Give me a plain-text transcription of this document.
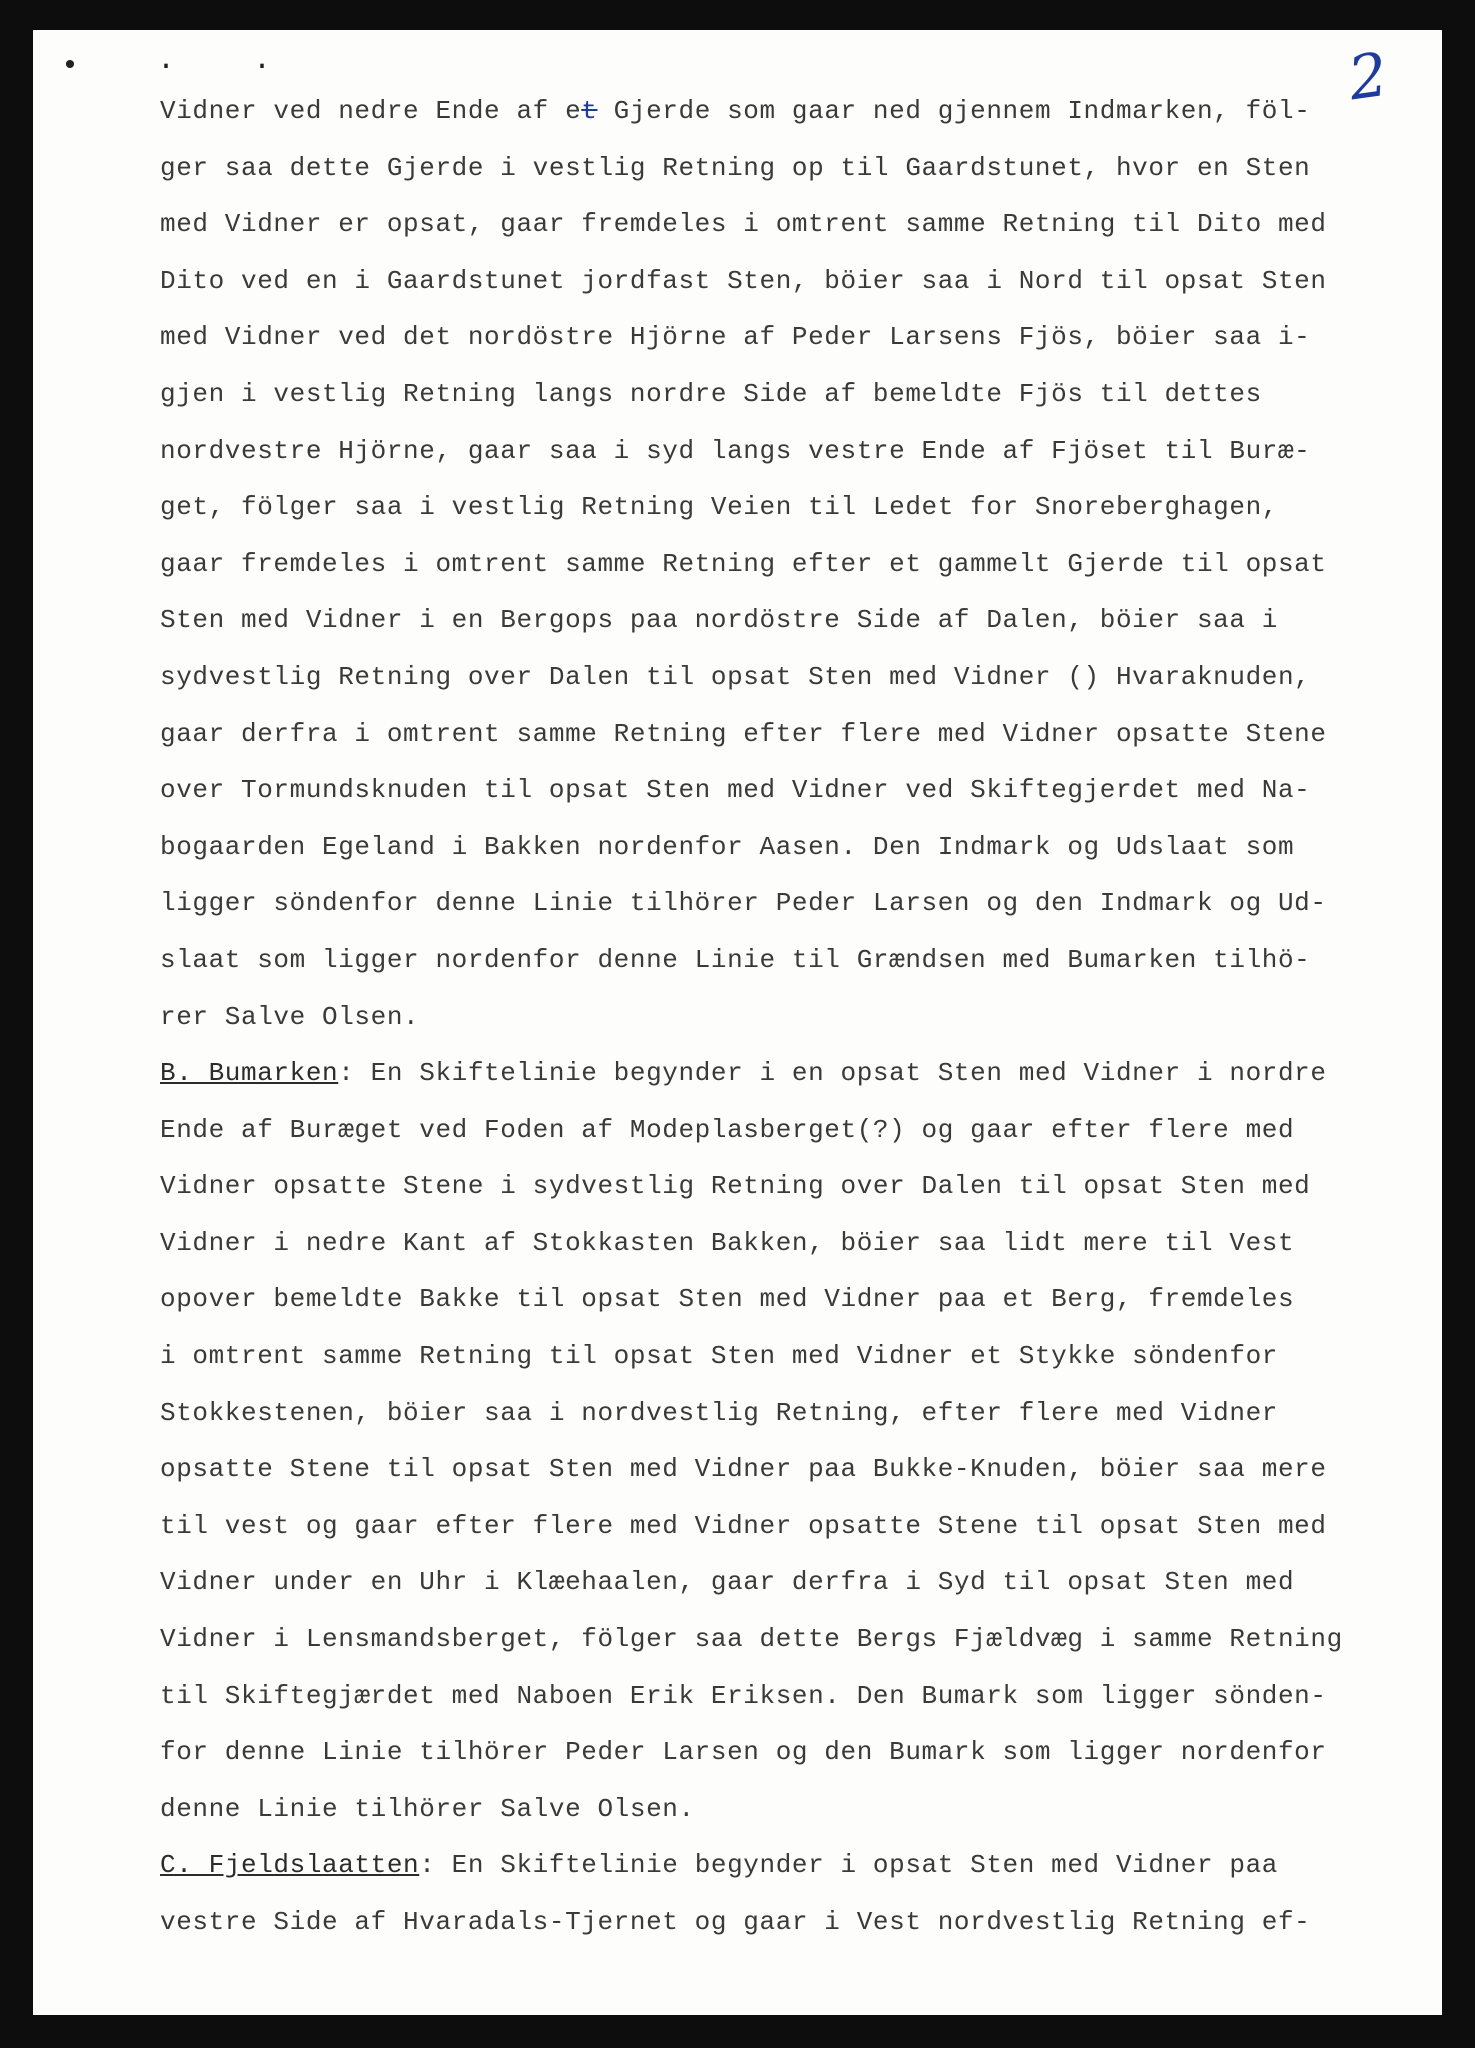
• · ·	2
Vidner ved nedre Ende af et Gjerde som gaar ned gjennem Indmarken, föl-
ger saa dette Gjerde i vestlig Retning op til Gaardstunet, hvor en Sten
med Vidner er opsat, gaar fremdeles i omtrent samme Retning til Dito med
Dito ved en i Gaardstunet jordfast Sten, böier saa i Nord til opsat Sten
med Vidner ved det nordöstre Hjörne af Peder Larsens Fjös, böier saa i-
gjen i vestlig Retning langs nordre Side af bemeldte Fjös til dettes
nordvestre Hjörne, gaar saa i syd langs vestre Ende af Fjöset til Buræ-
get, fölger saa i vestlig Retning Veien til Ledet for Snoreberghagen,
gaar fremdeles i omtrent samme Retning efter et gammelt Gjerde til opsat
Sten med Vidner i en Bergops paa nordöstre Side af Dalen, böier saa i
sydvestlig Retning over Dalen til opsat Sten med Vidner () Hvaraknuden,
gaar derfra i omtrent samme Retning efter flere med Vidner opsatte Stene
over Tormundsknuden til opsat Sten med Vidner ved Skiftegjerdet med Na-
bogaarden Egeland i Bakken nordenfor Aasen. Den Indmark og Udslaat som
ligger söndenfor denne Linie tilhörer Peder Larsen og den Indmark og Ud-
slaat som ligger nordenfor denne Linie til Grændsen med Bumarken tilhö-
rer Salve Olsen.
B. Bumarken: En Skiftelinie begynder i en opsat Sten med Vidner i nordre
Ende af Buræget ved Foden af Modeplasberget(?) og gaar efter flere med
Vidner opsatte Stene i sydvestlig Retning over Dalen til opsat Sten med
Vidner i nedre Kant af Stokkasten Bakken, böier saa lidt mere til Vest
opover bemeldte Bakke til opsat Sten med Vidner paa et Berg, fremdeles
i omtrent samme Retning til opsat Sten med Vidner et Stykke söndenfor
Stokkestenen, böier saa i nordvestlig Retning, efter flere med Vidner
opsatte Stene til opsat Sten med Vidner paa Bukke-Knuden, böier saa mere
til vest og gaar efter flere med Vidner opsatte Stene til opsat Sten med
Vidner under en Uhr i Klæehaalen, gaar derfra i Syd til opsat Sten med
Vidner i Lensmandsberget, fölger saa dette Bergs Fjældvæg i samme Retning
til Skiftegjærdet med Naboen Erik Eriksen. Den Bumark som ligger sönden-
for denne Linie tilhörer Peder Larsen og den Bumark som ligger nordenfor
denne Linie tilhörer Salve Olsen.
C. Fjeldslaatten: En Skiftelinie begynder i opsat Sten med Vidner paa
vestre Side af Hvaradals-Tjernet og gaar i Vest nordvestlig Retning ef-
